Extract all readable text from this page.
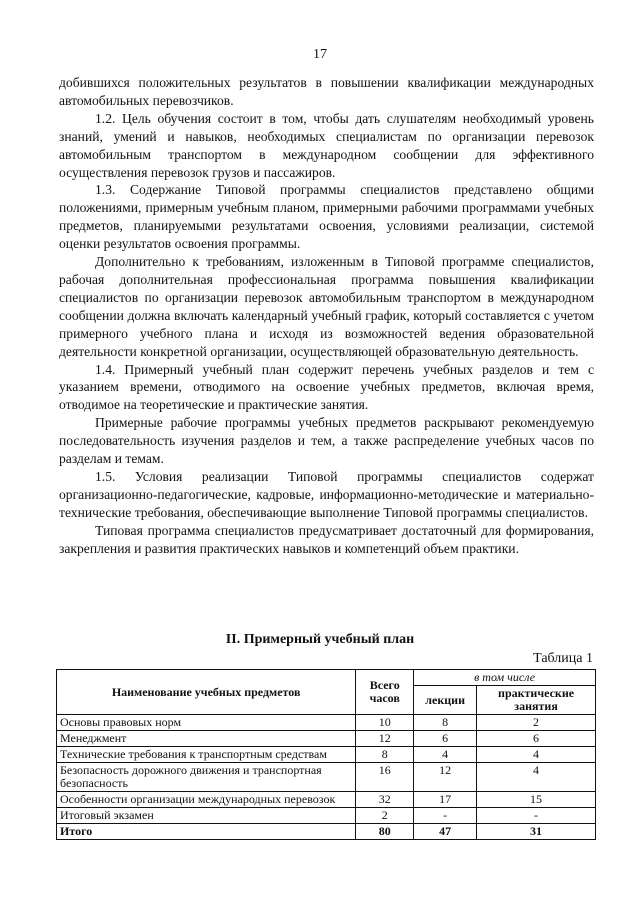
17

добившихся положительных результатов в повышении квалификации международных автомобильных перевозчиков.

1.2. Цель обучения состоит в том, чтобы дать слушателям необходимый уровень знаний, умений и навыков, необходимых специалистам по организации перевозок автомобильным транспортом в международном сообщении для эффективного осуществления перевозок грузов и пассажиров.

1.3. Содержание Типовой программы специалистов представлено общими положениями, примерным учебным планом, примерными рабочими программами учебных предметов, планируемыми результатами освоения, условиями реализации, системой оценки результатов освоения программы.

Дополнительно к требованиям, изложенным в Типовой программе специалистов, рабочая дополнительная профессиональная программа повышения квалификации специалистов по организации перевозок автомобильным транспортом в международном сообщении должна включать календарный учебный график, который составляется с учетом примерного учебного плана и исходя из возможностей ведения образовательной деятельности конкретной организации, осуществляющей образовательную деятельность.

1.4. Примерный учебный план содержит перечень учебных разделов и тем с указанием времени, отводимого на освоение учебных предметов, включая время, отводимое на теоретические и практические занятия.

Примерные рабочие программы учебных предметов раскрывают рекомендуемую последовательность изучения разделов и тем, а также распределение учебных часов по разделам и темам.

1.5. Условия реализации Типовой программы специалистов содержат организационно-педагогические, кадровые, информационно-методические и материально-технические требования, обеспечивающие выполнение Типовой программы специалистов.

Типовая программа специалистов предусматривает достаточный для формирования, закрепления и развития практических навыков и компетенций объем практики.

II. Примерный учебный план
Таблица 1
Наименование учебных предметов	Всего часов	в том числе	
		лекции	практические занятия
Основы правовых норм	10	8	2
Менеджмент	12	6	6
Технические требования к транспортным средствам	8	4	4
Безопасность дорожного движения и транспортная безопасность	16	12	4
Особенности организации международных перевозок	32	17	15
Итоговый экзамен	2	-	-
Итого	80	47	31
